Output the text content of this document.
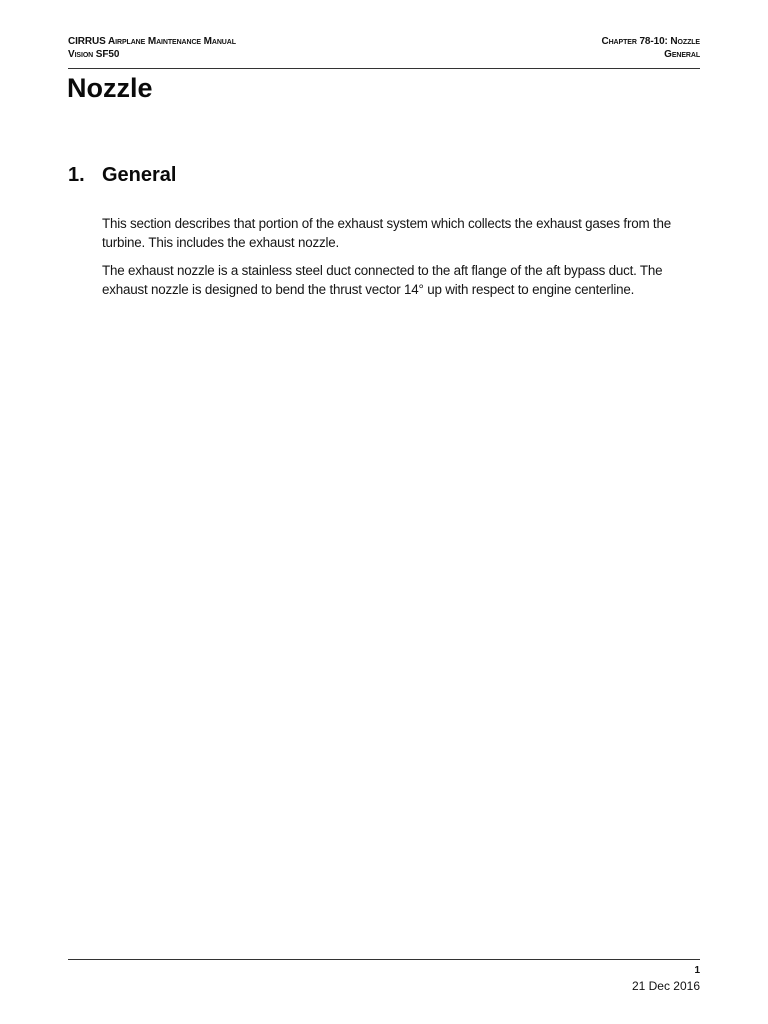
CIRRUS Airplane Maintenance Manual
Vision SF50
Chapter 78-10: Nozzle
General
Nozzle
1. General

This section describes that portion of the exhaust system which collects the exhaust gases from the turbine. This includes the exhaust nozzle.

The exhaust nozzle is a stainless steel duct connected to the aft flange of the aft bypass duct. The exhaust nozzle is designed to bend the thrust vector 14° up with respect to engine centerline.

1
21 Dec 2016
